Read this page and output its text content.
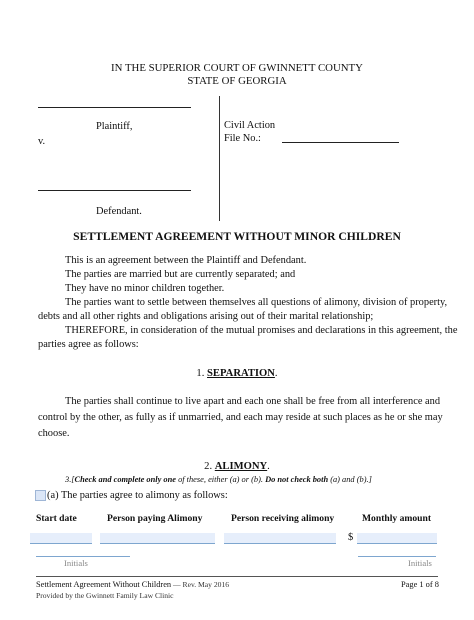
IN THE SUPERIOR COURT OF GWINNETT COUNTY
STATE OF GEORGIA
Plaintiff,
v.
Defendant.
Civil Action
File No.:
SETTLEMENT AGREEMENT WITHOUT MINOR CHILDREN
This is an agreement between the Plaintiff and Defendant.
The parties are married but are currently separated; and
They have no minor children together.
The parties want to settle between themselves all questions of alimony, division of property,
debts and all other rights and obligations arising out of their marital relationship;
THEREFORE, in consideration of the mutual promises and declarations in this agreement, the
parties agree as follows:
1. SEPARATION.
The parties shall continue to live apart and each one shall be free from all interference and
control by the other, as fully as if unmarried, and each may reside at such places as he or she may
choose.
2. ALIMONY.
3.[Check and complete only one of these, either (a) or (b). Do not check both (a) and (b).]
(a) The parties agree to alimony as follows:
Start date	Person paying Alimony	Person receiving alimony	Monthly amount
$
Initials	Initials
Settlement Agreement Without Children — Rev. May 2016
Provided by the Gwinnett Family Law Clinic
Page 1 of 8
